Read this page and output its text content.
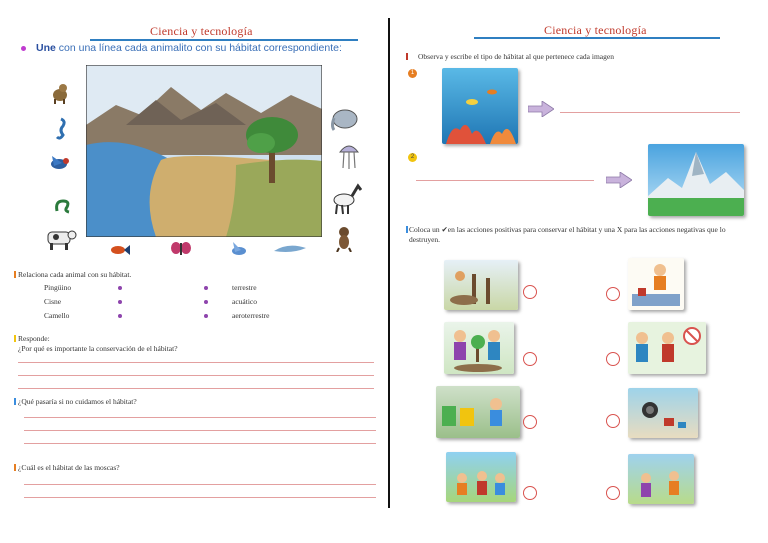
Ciencia y tecnología
Une con una línea cada animalito con su hábitat correspondiente:
Relaciona cada animal con su hábitat.
Pingüino
Cisne
Camello
terrestre
acuático
aeroterrestre
Responde:
¿Por qué es importante la conservación de el hábitat?
¿Qué pasaría si no cuidamos el hábitat?
¿Cuál es el hábitat de las moscas?
Ciencia y tecnología
Observa y escribe el tipo de hábitat al que pertenece cada imagen
1
2
Coloca un ✔en las acciones positivas para conservar el hábitat y una X para las acciones negativas que lo destruyen.
